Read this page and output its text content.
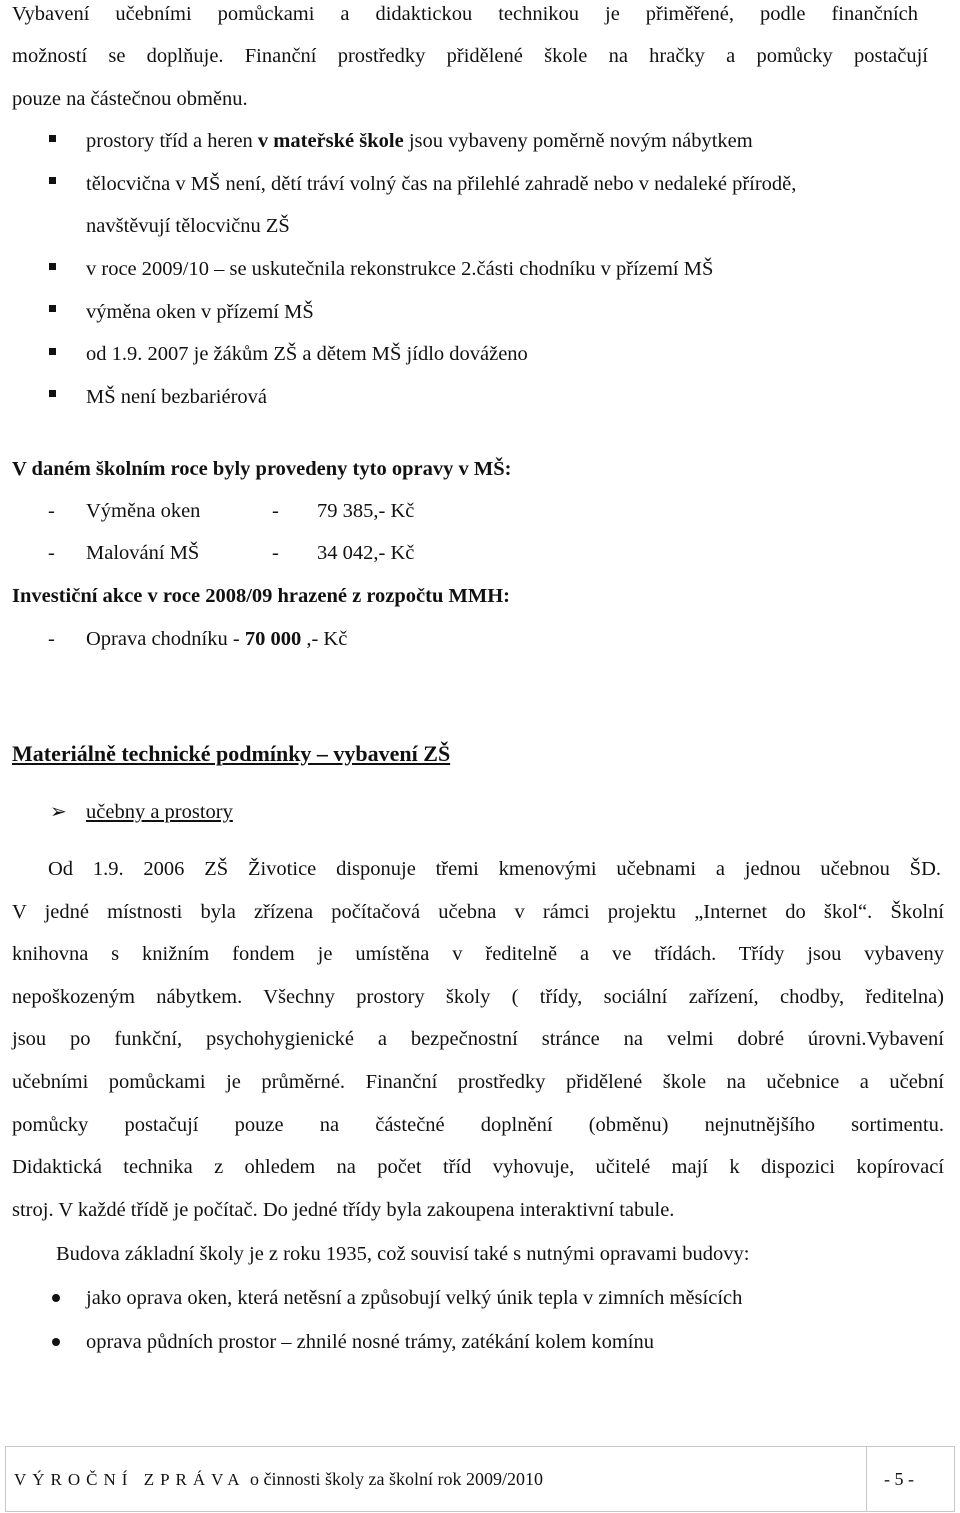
Vybavení učebními pomůckami a didaktickou technikou je přiměřené, podle finančních
možností se doplňuje. Finanční prostředky přidělené škole na hračky a pomůcky postačují
pouze na částečnou obměnu.
prostory tříd a heren v mateřské škole jsou vybaveny poměrně novým nábytkem
tělocvična v MŠ není, dětí tráví volný čas na přilehlé zahradě nebo v nedaleké přírodě,
navštěvují tělocvičnu ZŠ
v roce 2009/10 – se uskutečnila rekonstrukce 2.části chodníku v přízemí MŠ
výměna oken v přízemí MŠ
od 1.9. 2007 je žákům ZŠ a dětem MŠ jídlo dováženo
MŠ není bezbariérová
V daném školním roce byly provedeny tyto opravy v MŠ:
- Výměna oken	- 79 385,- Kč
- Malování MŠ	- 34 042,- Kč
Investiční akce v roce 2008/09 hrazené z rozpočtu MMH:
- Oprava chodníku - 70 000 ,- Kč
Materiálně technické podmínky – vybavení ZŠ
➢ učebny a prostory
Od 1.9. 2006 ZŠ Životice disponuje třemi kmenovými učebnami a jednou učebnou ŠD.
V jedné místnosti byla zřízena počítačová učebna v rámci projektu „Internet do škol“. Školní
knihovna s knižním fondem je umístěna v ředitelně a ve třídách. Třídy jsou vybaveny
nepoškozeným nábytkem. Všechny prostory školy ( třídy, sociální zařízení, chodby, ředitelna)
jsou po funkční, psychohygienické a bezpečnostní stránce na velmi dobré úrovni.Vybavení
učebními pomůckami je průměrné. Finanční prostředky přidělené škole na učebnice a učební
pomůcky postačují pouze na částečné doplnění (obměnu) nejnutnějšího sortimentu.
Didaktická technika z ohledem na počet tříd vyhovuje, učitelé mají k dispozici kopírovací
stroj. V každé třídě je počítač. Do jedné třídy byla zakoupena interaktivní tabule.
Budova základní školy je z roku 1935, což souvisí také s nutnými opravami budovy:
jako oprava oken, která netěsní a způsobují velký únik tepla v zimních měsících
oprava půdních prostor – zhnilé nosné trámy, zatékání kolem komínu
VÝROČNÍ ZPRÁVA o činnosti školy za školní rok 2009/2010	- 5 -
